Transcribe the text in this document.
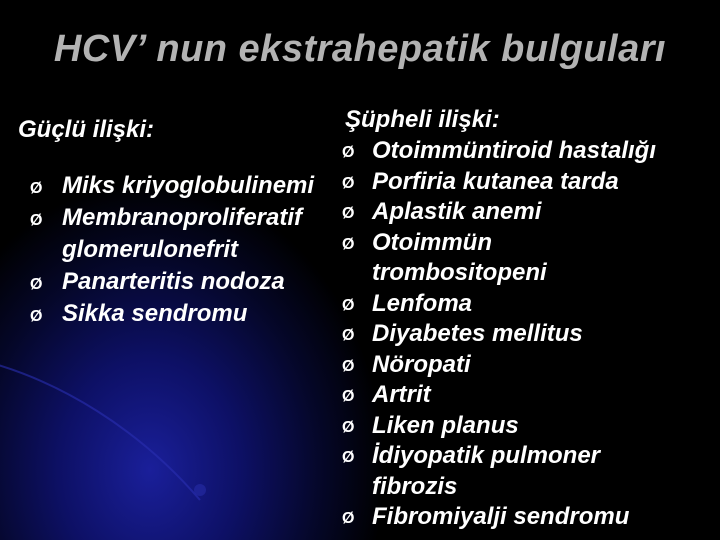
HCV’ nun ekstrahepatik bulguları
Güçlü ilişki:	Şüpheli ilişki:
Ø Miks kriyoglobulinemi
Ø Membranoproliferatif glomerulonefrit
Ø Panarteritis nodoza
Ø Sikka sendromu
Ø Otoimmüntiroid hastalığı
Ø Porfiria kutanea tarda
Ø Aplastik anemi
Ø Otoimmün trombositopeni
Ø Lenfoma
Ø Diyabetes mellitus
Ø Nöropati
Ø Artrit
Ø Liken planus
Ø İdiyopatik pulmoner fibrozis
Ø Fibromiyalji sendromu
